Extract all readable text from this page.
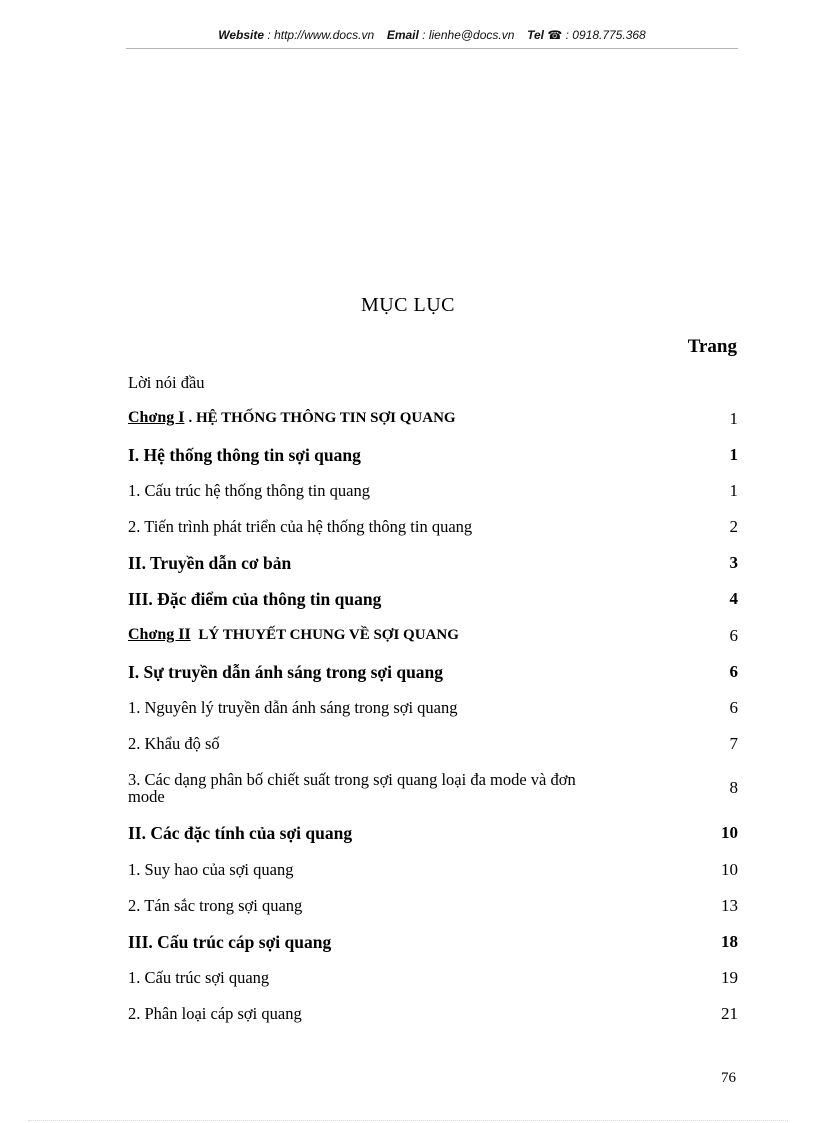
Website : http://www.docs.vn Email : lienhe@docs.vn Tel ☎ : 0918.775.368
MỤC LỤC
Trang
Lời nói đầu
Chơng I . HỆ THỐNG THÔNG TIN SỢI QUANG	1
I. Hệ thống thông tin sợi quang	1
1. Cấu trúc hệ thống thông tin quang	1
2. Tiến trình phát triển của hệ thống thông tin quang	2
II. Truyền dẫn cơ bản	3
III. Đặc điểm của thông tin quang	4
Chơng II LÝ THUYẾT CHUNG VỀ SỢI QUANG	6
I. Sự truyền dẫn ánh sáng trong sợi quang	6
1. Nguyên lý truyền dẫn ánh sáng trong sợi quang	6
2. Khẩu độ số	7
3. Các dạng phân bố chiết suất trong sợi quang loại đa mode và đơn mode	8
II. Các đặc tính của sợi quang	10
1. Suy hao của sợi quang	10
2. Tán sắc trong sợi quang	13
III. Cấu trúc cáp sợi quang	18
1. Cấu trúc sợi quang	19
2. Phân loại cáp sợi quang	21
76
